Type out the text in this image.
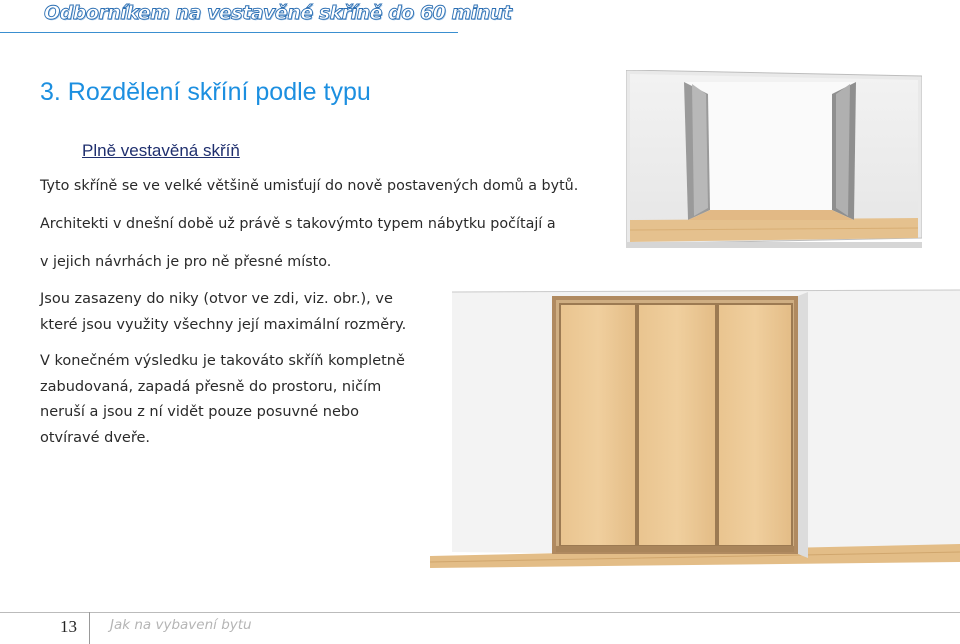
Odborníkem na vestavěné skříně do 60 minut
3. Rozdělení skříní podle typu
Plně vestavěná skříň
Tyto skříně se ve velké většině umisťují do nově postavených domů a bytů.
Architekti v dnešní době už právě s takovýmto typem nábytku počítají a
v jejich návrhách je pro ně přesné místo.
Jsou zasazeny do niky (otvor ve zdi, viz. obr.), ve
které jsou využity všechny její maximální rozměry.
V konečném výsledku je takováto skříň kompletně
zabudovaná, zapadá přesně do prostoru, ničím
neruší a jsou z ní vidět pouze posuvné nebo
otvíravé dveře.
13 Jak na vybavení bytu
